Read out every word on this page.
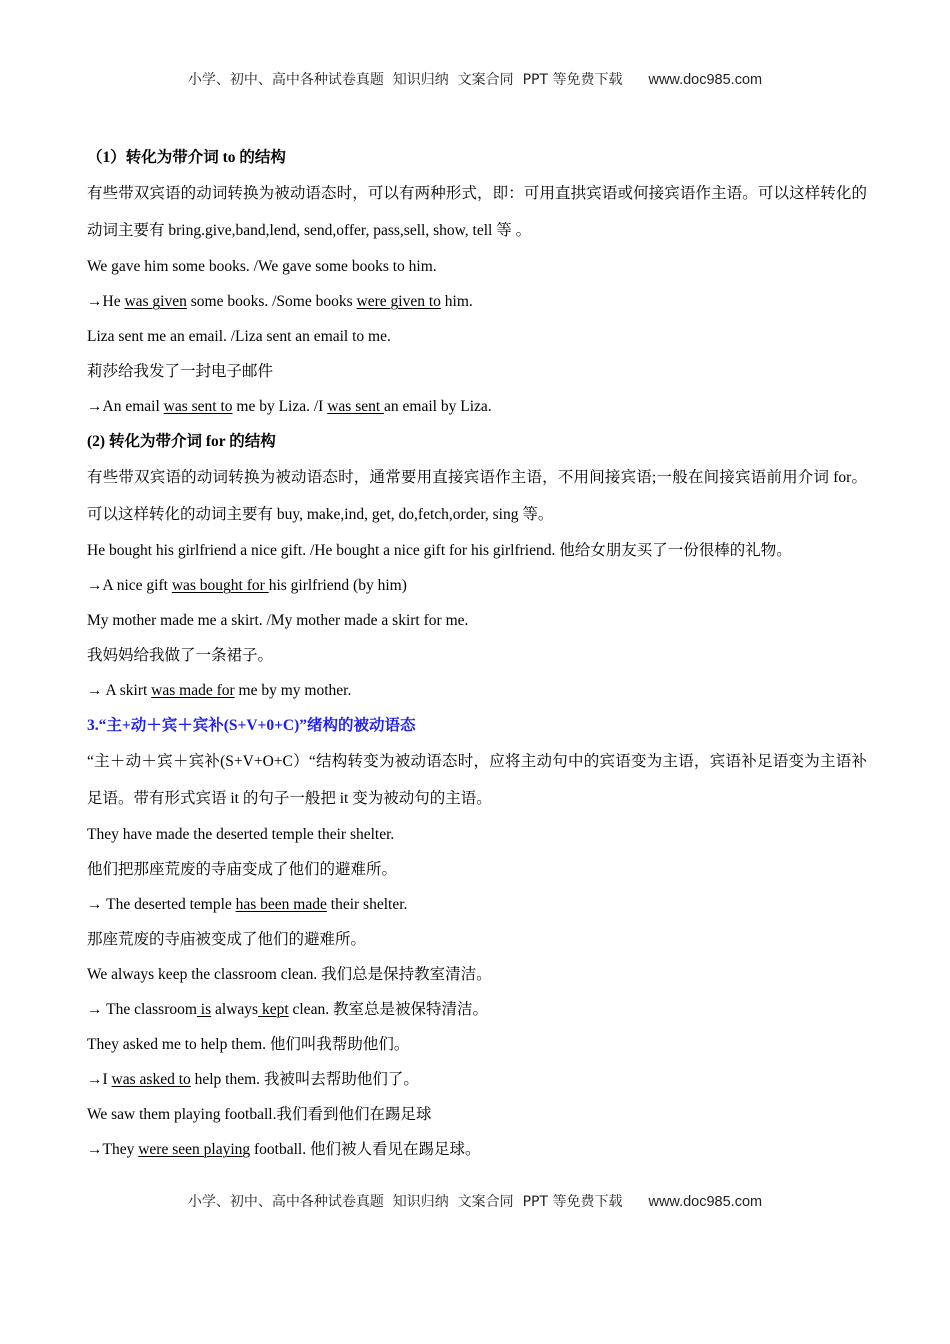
小学、初中、高中各种试卷真题  知识归纳  文案合同  PPT 等免费下载 www.doc985.com
（1）转化为带介词 to 的结构
有些带双宾语的动词转换为被动语态时，可以有两种形式，即：可用直拱宾语或何接宾语作主语。可以这样转化的动词主要有 bring.give,band,lend, send,offer, pass,sell, show, tell 等 。
We gave him some books. /We gave some books to him.
→He was given some books. /Some books were given to him.
Liza sent me an email. /Liza sent an email to me.
莉莎给我发了一封电子邮件
→An email was sent to me by Liza. /I was sent an email by Liza.
(2) 转化为带介词 for 的结构
有些带双宾语的动词转换为被动语态时，通常要用直接宾语作主语，不用间接宾语;一般在间接宾语前用介词 for。可以这样转化的动词主要有 buy, make,ind, get, do,fetch,order, sing 等。
He bought his girlfriend a nice gift. /He bought a nice gift for his girlfriend. 他给女朋友买了一份很棒的礼物。
→A nice gift was bought for his girlfriend (by him)
My mother made me a skirt. /My mother made a skirt for me.
我妈妈给我做了一条裙子。
→ A skirt was made for me by my mother.
3.“主+动＋宾＋宾补(S+V+0+C)”绪构的被动语态
“主＋动＋宾＋宾补(S+V+O+C）“结构转变为被动语态时，应将主动句中的宾语变为主语，宾语补足语变为主语补足语。带有形式宾语 it 的句子一般把 it 变为被动句的主语。
They have made the deserted temple their shelter.
他们把那座荒废的寺庙变成了他们的避难所。
→ The deserted temple has been made their shelter.
那座荒废的寺庙被变成了他们的避难所。
We always keep the classroom clean. 我们总是保持教室清洁。
→ The classroom is always kept clean. 教室总是被保特清洁。
They asked me to help them. 他们叫我帮助他们。
→I was asked to help them. 我被叫去帮助他们了。
We saw them playing football.我们看到他们在踢足球
→They were seen playing football. 他们被人看见在踢足球。
小学、初中、高中各种试卷真题  知识归纳  文案合同  PPT 等免费下载 www.doc985.com
